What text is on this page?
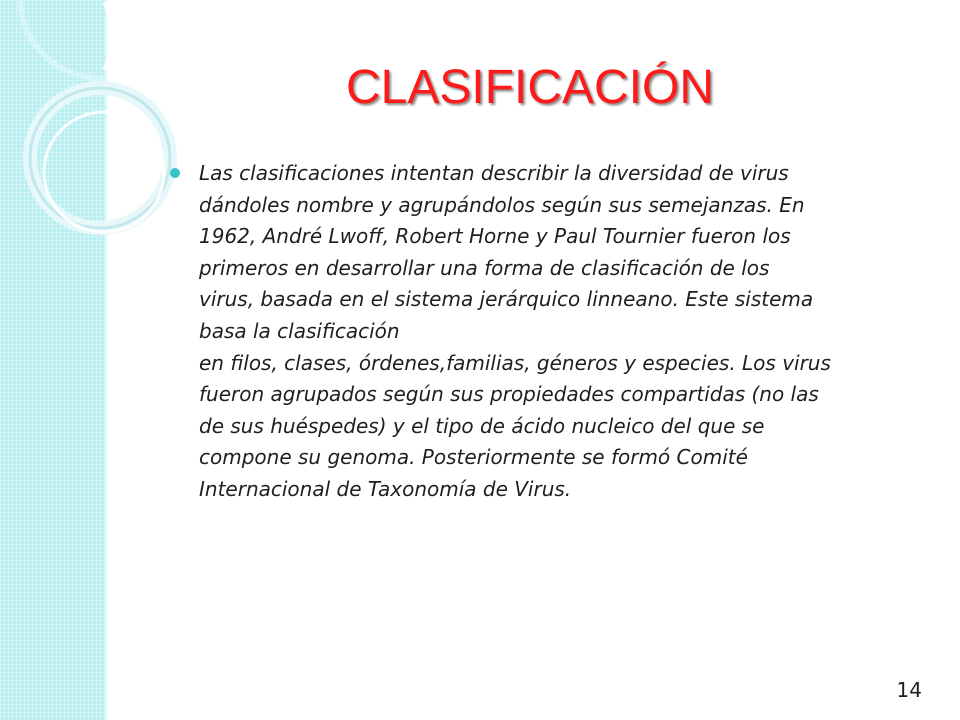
CLASIFICACIÓN

Las clasificaciones intentan describir la diversidad de virus
dándoles nombre y agrupándolos según sus semejanzas. En
1962, André Lwoff, Robert Horne y Paul Tournier fueron los
primeros en desarrollar una forma de clasificación de los
virus, basada en el sistema jerárquico linneano. Este sistema
basa la clasificación
en filos, clases, órdenes,familias, géneros y especies. Los virus
fueron agrupados según sus propiedades compartidas (no las
de sus huéspedes) y el tipo de ácido nucleico del que se
compone su genoma. Posteriormente se formó Comité
Internacional de Taxonomía de Virus.

14
